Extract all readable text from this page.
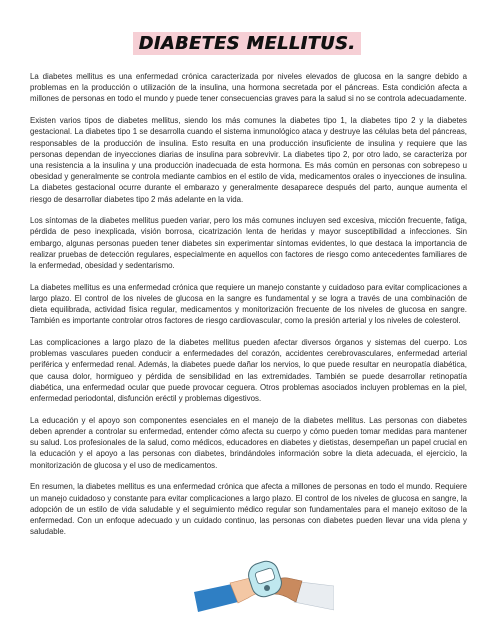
DIABETES MELLITUS.

La diabetes mellitus es una enfermedad crónica caracterizada por niveles elevados de glucosa en la sangre debido a problemas en la producción o utilización de la insulina, una hormona secretada por el páncreas. Esta condición afecta a millones de personas en todo el mundo y puede tener consecuencias graves para la salud si no se controla adecuadamente.

Existen varios tipos de diabetes mellitus, siendo los más comunes la diabetes tipo 1, la diabetes tipo 2 y la diabetes gestacional. La diabetes tipo 1 se desarrolla cuando el sistema inmunológico ataca y destruye las células beta del páncreas, responsables de la producción de insulina. Esto resulta en una producción insuficiente de insulina y requiere que las personas dependan de inyecciones diarias de insulina para sobrevivir. La diabetes tipo 2, por otro lado, se caracteriza por una resistencia a la insulina y una producción inadecuada de esta hormona. Es más común en personas con sobrepeso u obesidad y generalmente se controla mediante cambios en el estilo de vida, medicamentos orales o inyecciones de insulina. La diabetes gestacional ocurre durante el embarazo y generalmente desaparece después del parto, aunque aumenta el riesgo de desarrollar diabetes tipo 2 más adelante en la vida.

Los síntomas de la diabetes mellitus pueden variar, pero los más comunes incluyen sed excesiva, micción frecuente, fatiga, pérdida de peso inexplicada, visión borrosa, cicatrización lenta de heridas y mayor susceptibilidad a infecciones. Sin embargo, algunas personas pueden tener diabetes sin experimentar síntomas evidentes, lo que destaca la importancia de realizar pruebas de detección regulares, especialmente en aquellos con factores de riesgo como antecedentes familiares de la enfermedad, obesidad y sedentarismo.

La diabetes mellitus es una enfermedad crónica que requiere un manejo constante y cuidadoso para evitar complicaciones a largo plazo. El control de los niveles de glucosa en la sangre es fundamental y se logra a través de una combinación de dieta equilibrada, actividad física regular, medicamentos y monitorización frecuente de los niveles de glucosa en sangre. También es importante controlar otros factores de riesgo cardiovascular, como la presión arterial y los niveles de colesterol.

Las complicaciones a largo plazo de la diabetes mellitus pueden afectar diversos órganos y sistemas del cuerpo. Los problemas vasculares pueden conducir a enfermedades del corazón, accidentes cerebrovasculares, enfermedad arterial periférica y enfermedad renal. Además, la diabetes puede dañar los nervios, lo que puede resultar en neuropatía diabética, que causa dolor, hormigueo y pérdida de sensibilidad en las extremidades. También se puede desarrollar retinopatía diabética, una enfermedad ocular que puede provocar ceguera. Otros problemas asociados incluyen problemas en la piel, enfermedad periodontal, disfunción eréctil y problemas digestivos.

La educación y el apoyo son componentes esenciales en el manejo de la diabetes mellitus. Las personas con diabetes deben aprender a controlar su enfermedad, entender cómo afecta su cuerpo y cómo pueden tomar medidas para mantener su salud. Los profesionales de la salud, como médicos, educadores en diabetes y dietistas, desempeñan un papel crucial en la educación y el apoyo a las personas con diabetes, brindándoles información sobre la dieta adecuada, el ejercicio, la monitorización de glucosa y el uso de medicamentos.

En resumen, la diabetes mellitus es una enfermedad crónica que afecta a millones de personas en todo el mundo. Requiere un manejo cuidadoso y constante para evitar complicaciones a largo plazo. El control de los niveles de glucosa en sangre, la adopción de un estilo de vida saludable y el seguimiento médico regular son fundamentales para el manejo exitoso de la enfermedad. Con un enfoque adecuado y un cuidado continuo, las personas con diabetes pueden llevar una vida plena y saludable.
